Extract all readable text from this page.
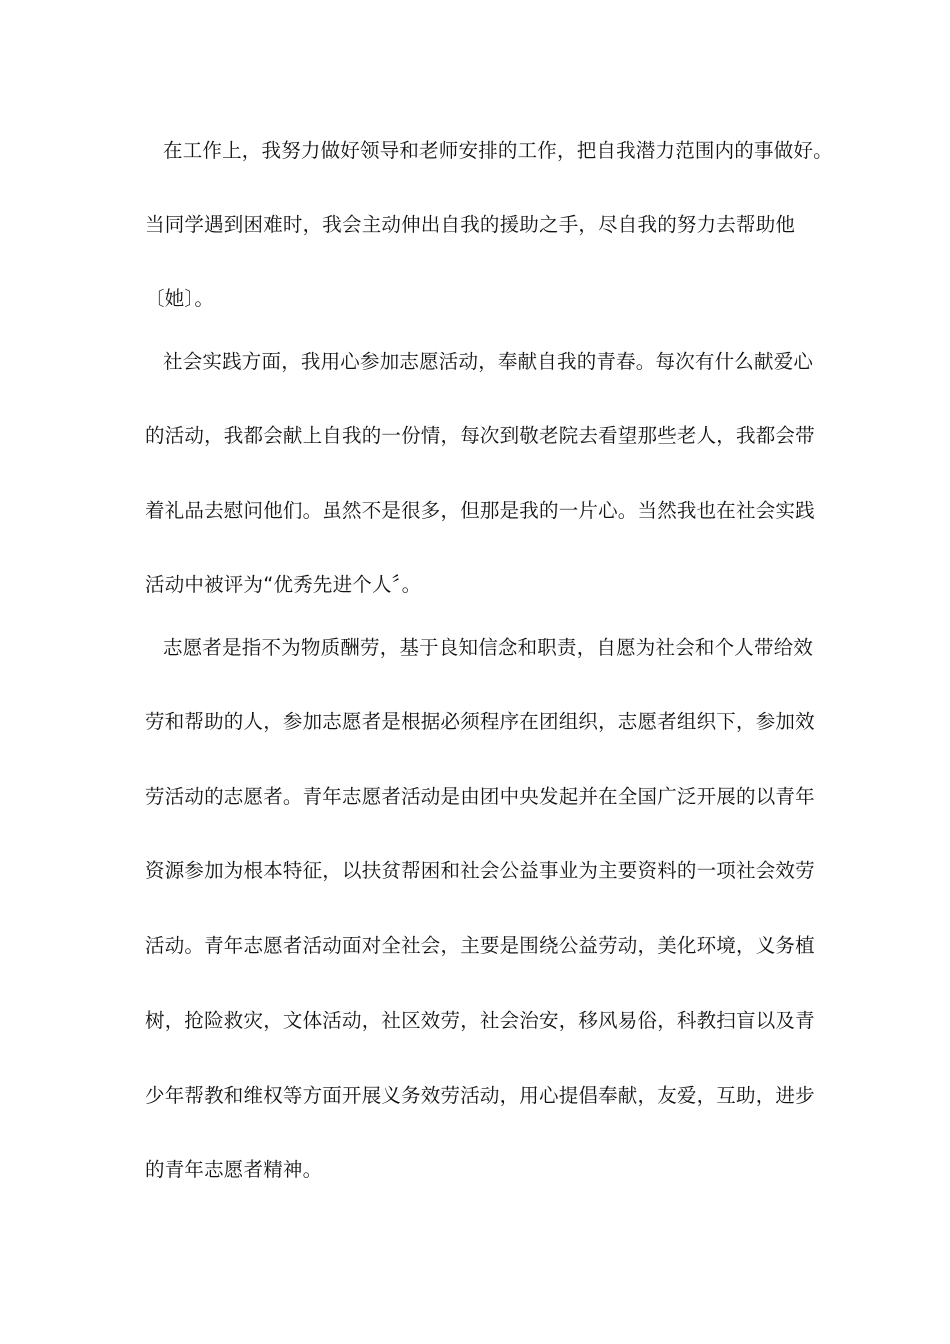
在工作上，我努力做好领导和老师安排的工作，把自我潜力范围内的事做好。
当同学遇到困难时，我会主动伸出自我的援助之手，尽自我的努力去帮助他
〔她〕。
社会实践方面，我用心参加志愿活动，奉献自我的青春。每次有什么献爱心
的活动，我都会献上自我的一份情，每次到敬老院去看望那些老人，我都会带
着礼品去慰问他们。虽然不是很多，但那是我的一片心。当然我也在社会实践
活动中被评为“优秀先进个人〞。
志愿者是指不为物质酬劳，基于良知信念和职责，自愿为社会和个人带给效
劳和帮助的人，参加志愿者是根据必须程序在团组织，志愿者组织下，参加效
劳活动的志愿者。青年志愿者活动是由团中央发起并在全国广泛开展的以青年
资源参加为根本特征，以扶贫帮困和社会公益事业为主要资料的一项社会效劳
活动。青年志愿者活动面对全社会，主要是围绕公益劳动，美化环境，义务植
树，抢险救灾，文体活动，社区效劳，社会治安，移风易俗，科教扫盲以及青
少年帮教和维权等方面开展义务效劳活动，用心提倡奉献，友爱，互助，进步
的青年志愿者精神。
